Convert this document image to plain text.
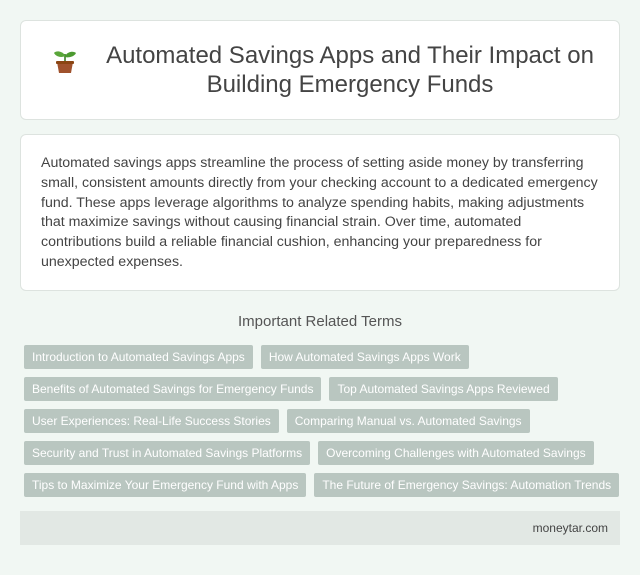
Automated Savings Apps and Their Impact on Building Emergency Funds

Automated savings apps streamline the process of setting aside money by transferring small, consistent amounts directly from your checking account to a dedicated emergency fund. These apps leverage algorithms to analyze spending habits, making adjustments that maximize savings without causing financial strain. Over time, automated contributions build a reliable financial cushion, enhancing your preparedness for unexpected expenses.

Important Related Terms
Introduction to Automated Savings Apps	How Automated Savings Apps Work
Benefits of Automated Savings for Emergency Funds	Top Automated Savings Apps Reviewed
User Experiences: Real-Life Success Stories	Comparing Manual vs. Automated Savings
Security and Trust in Automated Savings Platforms	Overcoming Challenges with Automated Savings
Tips to Maximize Your Emergency Fund with Apps	The Future of Emergency Savings: Automation Trends
moneytar.com
